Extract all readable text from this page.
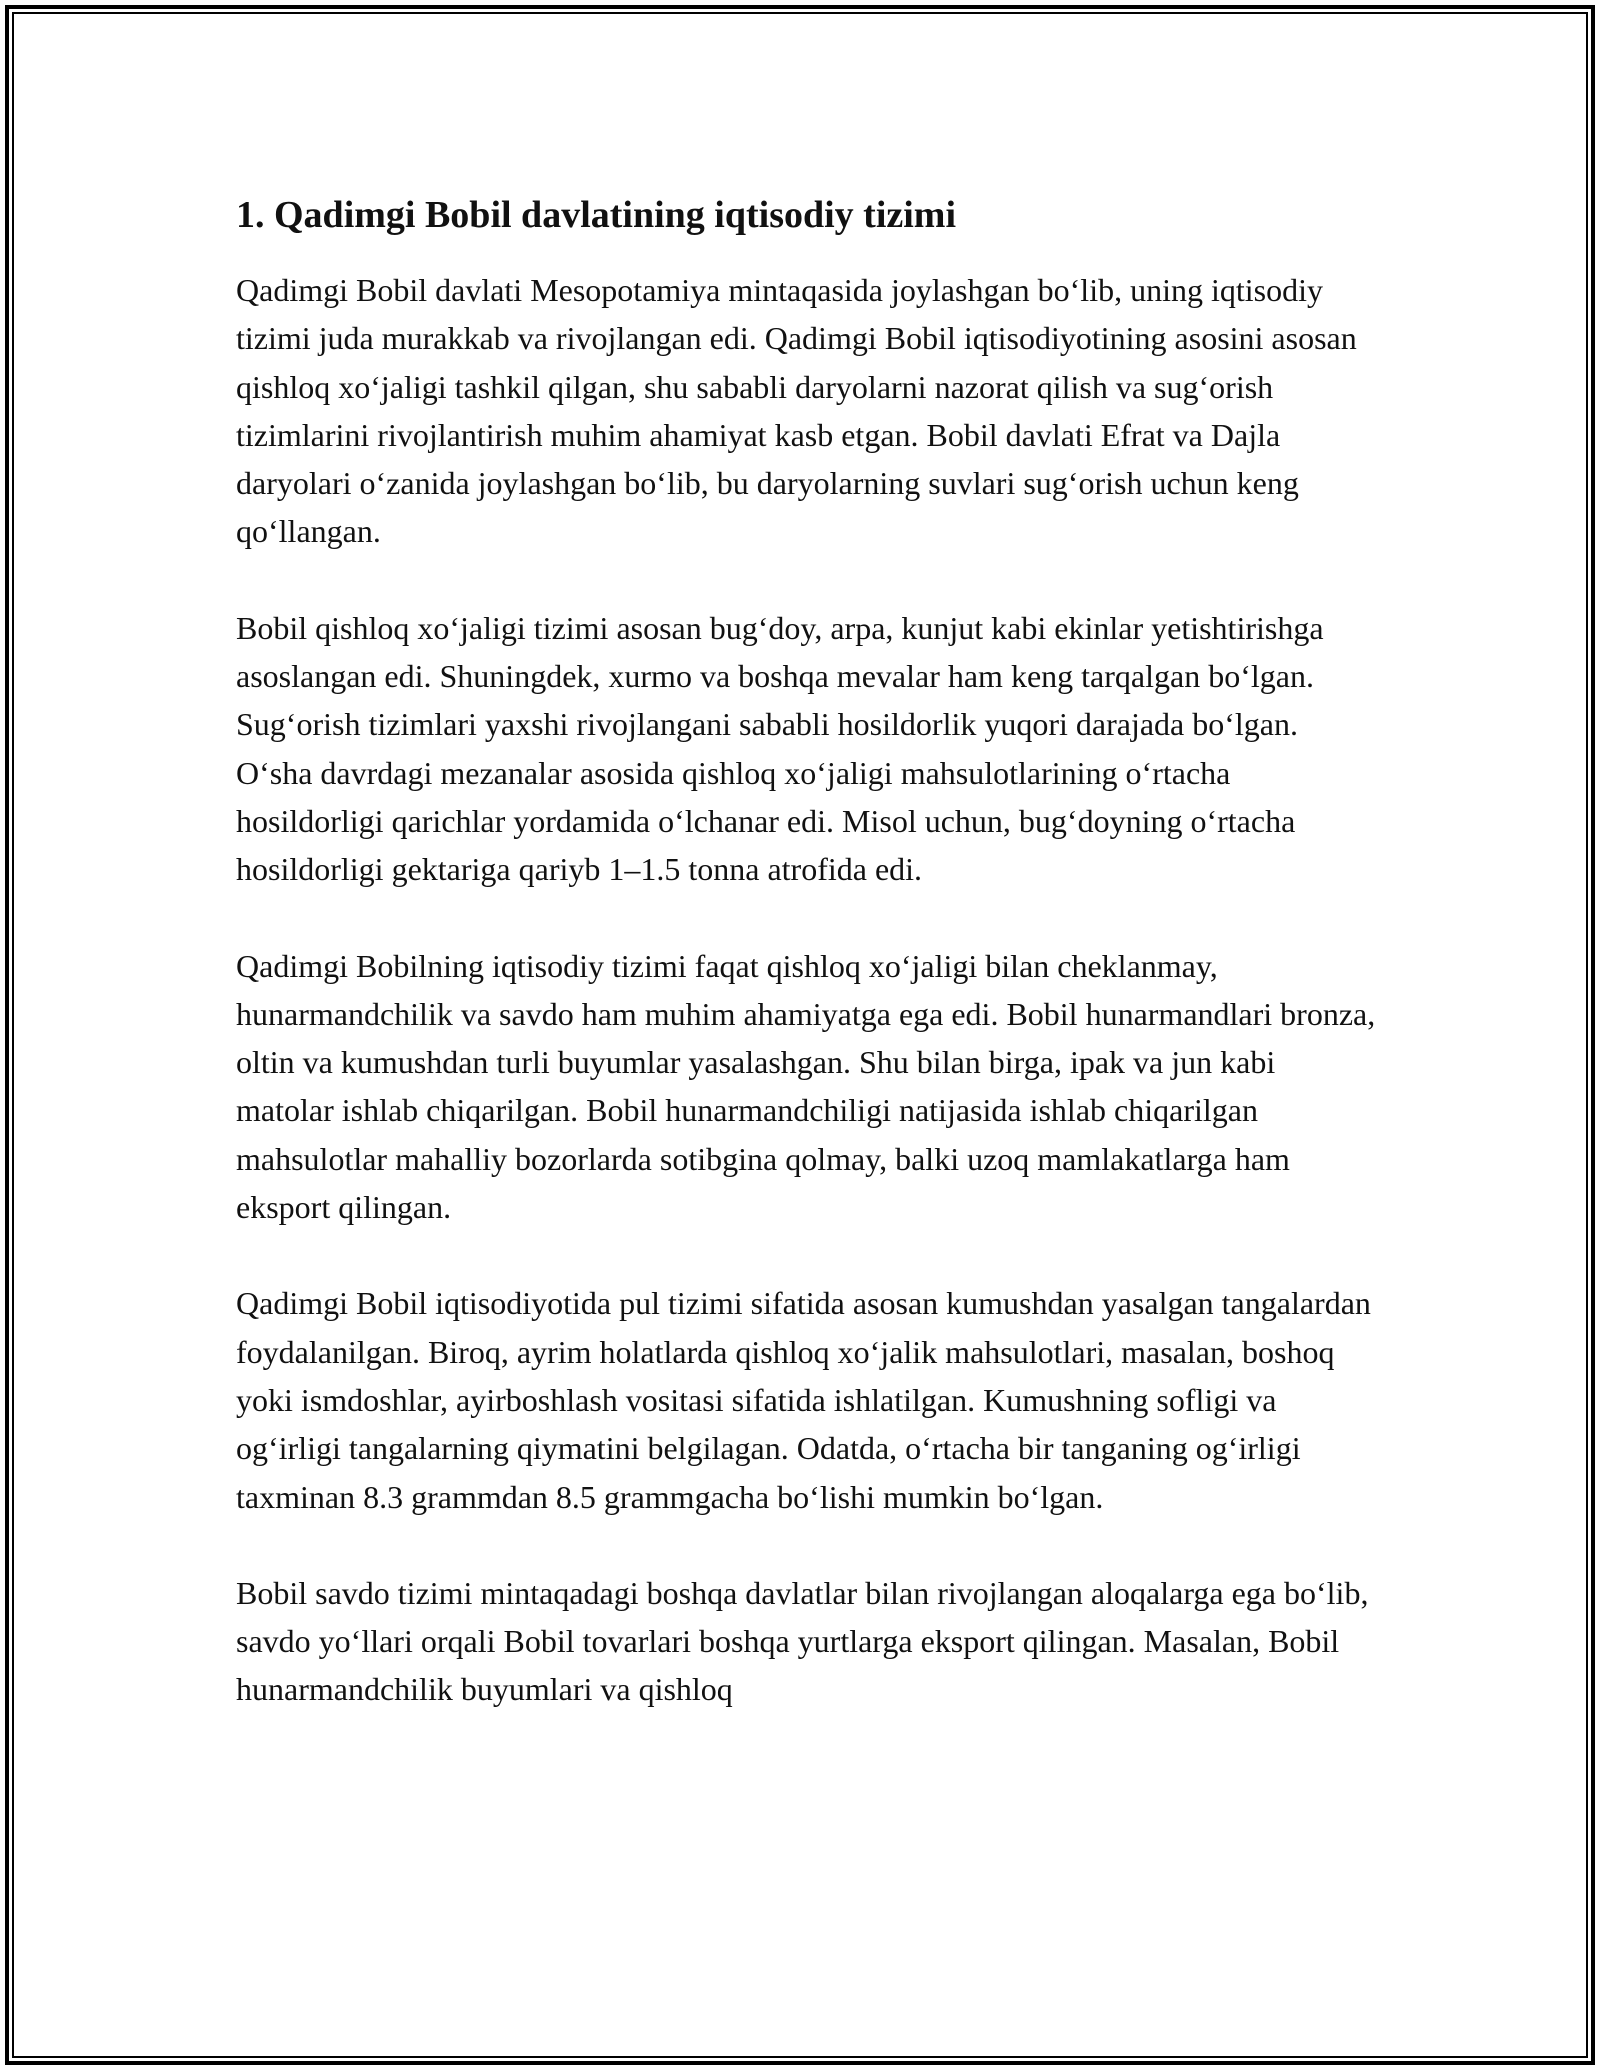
1. Qadimgi Bobil davlatining iqtisodiy tizimi

Qadimgi Bobil davlati Mesopotamiya mintaqasida joylashgan bo‘lib, uning iqtisodiy tizimi juda murakkab va rivojlangan edi. Qadimgi Bobil iqtisodiyotining asosini asosan qishloq xo‘jaligi tashkil qilgan, shu sababli daryolarni nazorat qilish va sug‘orish tizimlarini rivojlantirish muhim ahamiyat kasb etgan. Bobil davlati Efrat va Dajla daryolari o‘zanida joylashgan bo‘lib, bu daryolarning suvlari sug‘orish uchun keng qo‘llangan.

Bobil qishloq xo‘jaligi tizimi asosan bug‘doy, arpa, kunjut kabi ekinlar yetishtirishga asoslangan edi. Shuningdek, xurmo va boshqa mevalar ham keng tarqalgan bo‘lgan. Sug‘orish tizimlari yaxshi rivojlangani sababli hosildorlik yuqori darajada bo‘lgan. O‘sha davrdagi mezanalar asosida qishloq xo‘jaligi mahsulotlarining o‘rtacha hosildorligi qarichlar yordamida o‘lchanar edi. Misol uchun, bug‘doyning o‘rtacha hosildorligi gektariga qariyb 1–1.5 tonna atrofida edi.

Qadimgi Bobilning iqtisodiy tizimi faqat qishloq xo‘jaligi bilan cheklanmay, hunarmandchilik va savdo ham muhim ahamiyatga ega edi. Bobil hunarmandlari bronza, oltin va kumushdan turli buyumlar yasalashgan. Shu bilan birga, ipak va jun kabi matolar ishlab chiqarilgan. Bobil hunarmandchiligi natijasida ishlab chiqarilgan mahsulotlar mahalliy bozorlarda sotibgina qolmay, balki uzoq mamlakatlarga ham eksport qilingan.

Qadimgi Bobil iqtisodiyotida pul tizimi sifatida asosan kumushdan yasalgan tangalardan foydalanilgan. Biroq, ayrim holatlarda qishloq xo‘jalik mahsulotlari, masalan, boshoq yoki ismdoshlar, ayirboshlash vositasi sifatida ishlatilgan. Kumushning sofligi va og‘irligi tangalarning qiymatini belgilagan. Odatda, o‘rtacha bir tanganing og‘irligi taxminan 8.3 grammdan 8.5 grammgacha bo‘lishi mumkin bo‘lgan.

Bobil savdo tizimi mintaqadagi boshqa davlatlar bilan rivojlangan aloqalarga ega bo‘lib, savdo yo‘llari orqali Bobil tovarlari boshqa yurtlarga eksport qilingan. Masalan, Bobil hunarmandchilik buyumlari va qishloq
